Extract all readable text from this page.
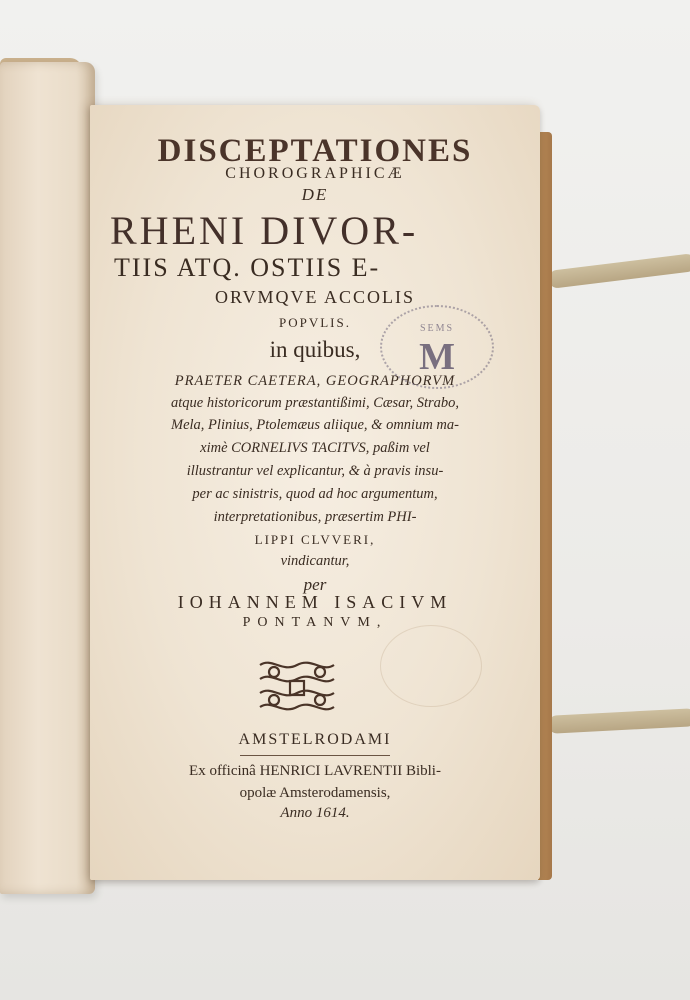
DISCEPTATIONES
CHOROGRAPHICÆ
DE
RHENI DIVOR-
TIIS ATQ. OSTIIS E-
ORVMQVE ACCOLIS
POPVLIS.
in quibus,
PRAETER CAETERA, GEOGRAPHORVM
atque historicorum præstantißimi, Cæsar, Strabo,
Mela, Plinius, Ptolemæus aliique, & omnium ma-
ximè CORNELIVS TACITVS, paßim vel
illustrantur vel explicantur, & à pravis insu-
per ac sinistris, quod ad hoc argumentum,
interpretationibus, præsertim PHI-
LIPPI CLVVERI,
vindicantur,
per
IOHANNEM ISACIVM
PONTANVM,
AMSTELRODAMI
Ex officinâ HENRICI LAVRENTII Bibli-
opolæ Amsterodamensis,
Anno 1614.
SEMS
M
